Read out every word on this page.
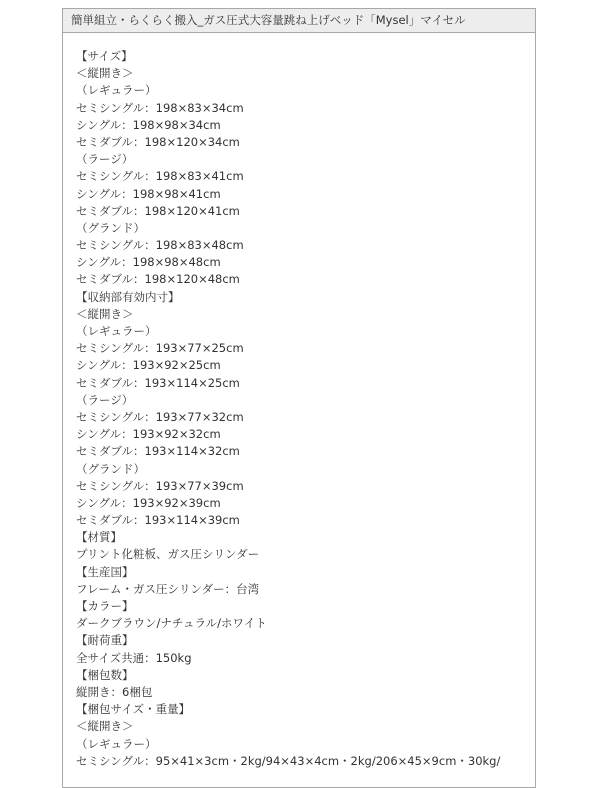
簡単組立・らくらく搬入_ガス圧式大容量跳ね上げベッド「Mysel」マイセル
【サイズ】
＜縦開き＞
（レギュラー）
セミシングル：198×83×34cm
シングル：198×98×34cm
セミダブル：198×120×34cm
（ラージ）
セミシングル：198×83×41cm
シングル：198×98×41cm
セミダブル：198×120×41cm
（グランド）
セミシングル：198×83×48cm
シングル：198×98×48cm
セミダブル：198×120×48cm
【収納部有効内寸】
＜縦開き＞
（レギュラー）
セミシングル：193×77×25cm
シングル：193×92×25cm
セミダブル：193×114×25cm
（ラージ）
セミシングル：193×77×32cm
シングル：193×92×32cm
セミダブル：193×114×32cm
（グランド）
セミシングル：193×77×39cm
シングル：193×92×39cm
セミダブル：193×114×39cm
【材質】
プリント化粧板、ガス圧シリンダー
【生産国】
フレーム・ガス圧シリンダー：台湾
【カラー】
ダークブラウン/ナチュラル/ホワイト
【耐荷重】
全サイズ共通：150kg
【梱包数】
縦開き：6梱包
【梱包サイズ・重量】
＜縦開き＞
（レギュラー）
セミシングル：95×41×3cm・2kg/94×43×4cm・2kg/206×45×9cm・30kg/
